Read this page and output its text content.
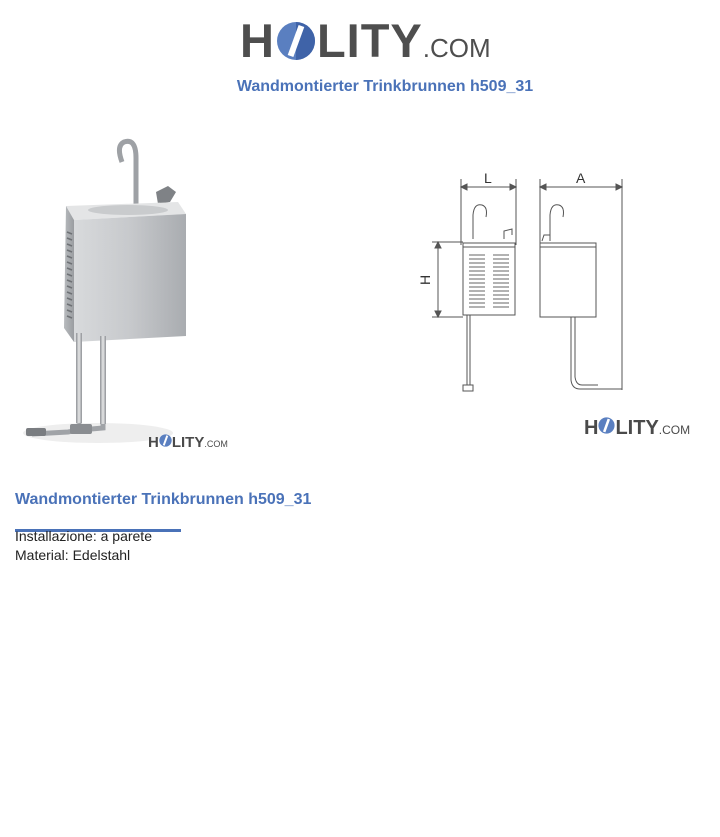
H LITY.COM
Wandmontierter Trinkbrunnen h509_31
H LITY.COM
L	A
H
H LITY.COM
Wandmontierter Trinkbrunnen h509_31
Installazione: a parete
Material: Edelstahl
